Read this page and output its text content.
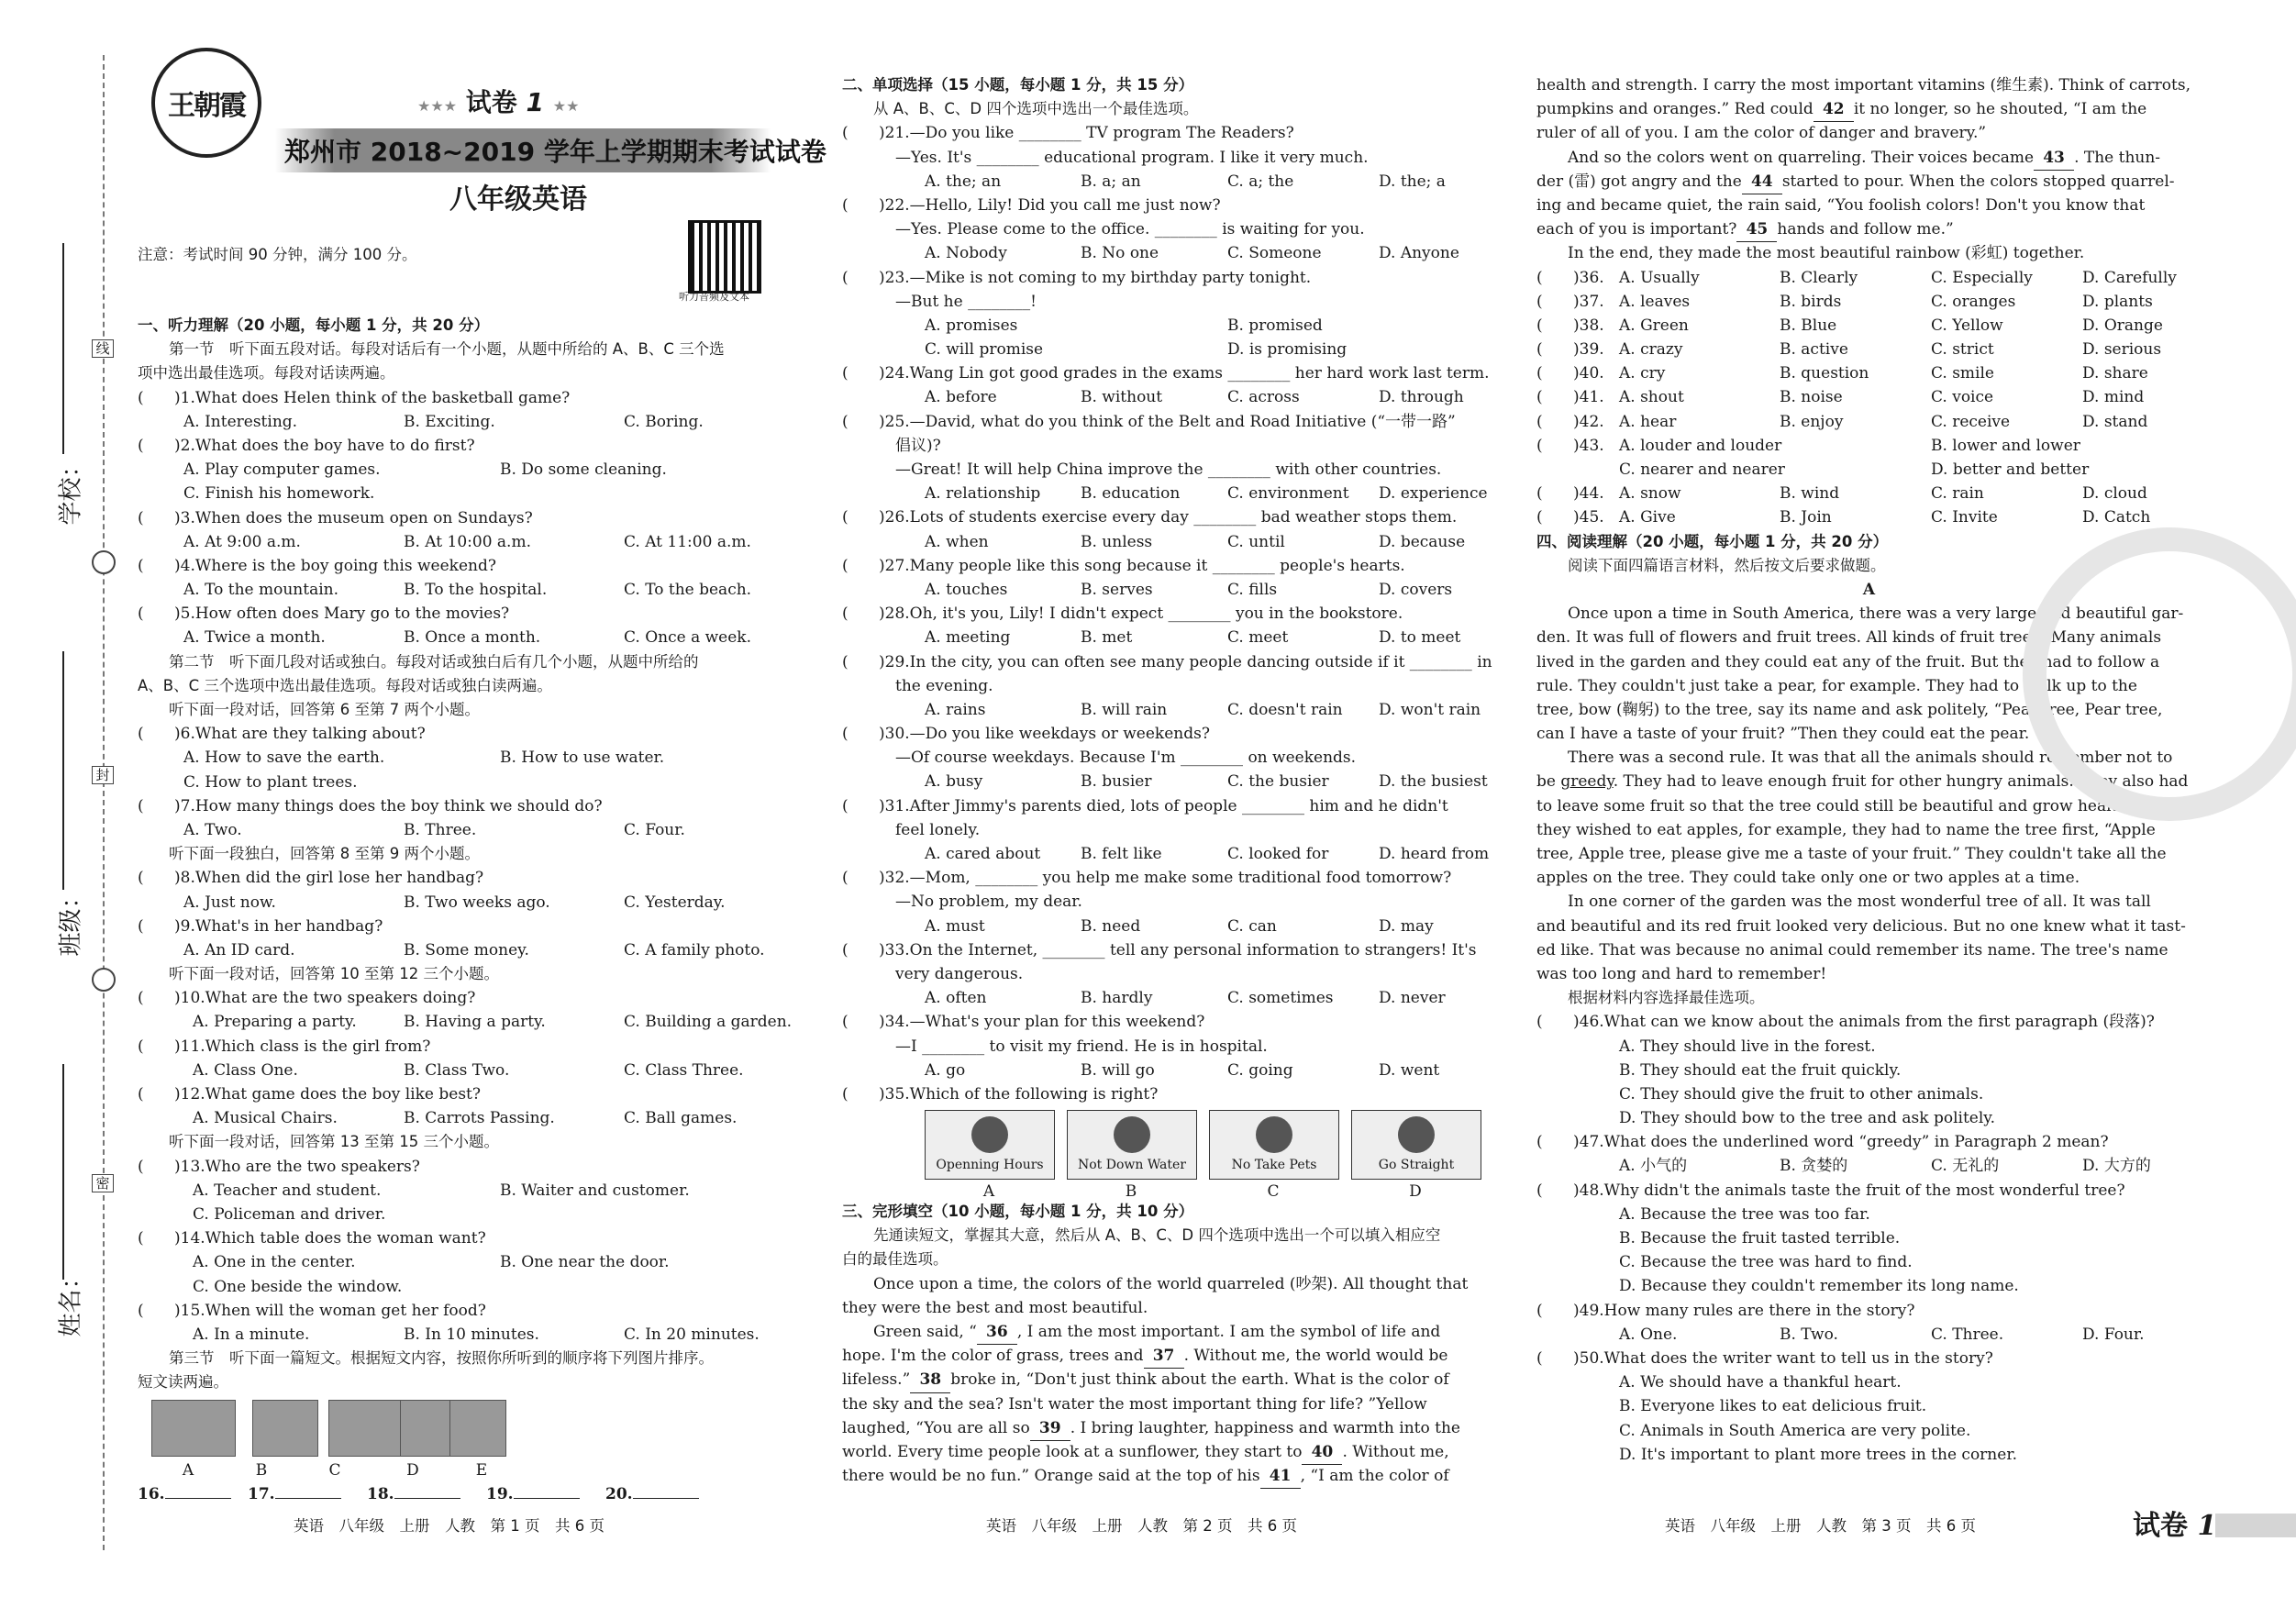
线
封
密
学校：
班级：
姓名：
王朝霞	★★★ 试卷 1 ★★
郑州市 2018~2019 学年上学期期末考试试卷
八年级英语
听力音频及文本
注意：考试时间 90 分钟，满分 100 分。
一、听力理解（20 小题，每小题 1 分，共 20 分）
第一节　听下面五段对话。每段对话后有一个小题，从题中所给的 A、B、C 三个选
项中选出最佳选项。每段对话读两遍。
( )1.What does Helen think of the basketball game?
A. Interesting.	B. Exciting.	C. Boring.
( )2.What does the boy have to do first?
A. Play computer games.	B. Do some cleaning.
C. Finish his homework.
( )3.When does the museum open on Sundays?
A. At 9:00 a.m.	B. At 10:00 a.m.	C. At 11:00 a.m.
( )4.Where is the boy going this weekend?
A. To the mountain.	B. To the hospital.	C. To the beach.
( )5.How often does Mary go to the movies?
A. Twice a month.	B. Once a month.	C. Once a week.
第二节　听下面几段对话或独白。每段对话或独白后有几个小题，从题中所给的
A、B、C 三个选项中选出最佳选项。每段对话或独白读两遍。
听下面一段对话，回答第 6 至第 7 两个小题。
( )6.What are they talking about?
A. How to save the earth.	B. How to use water.
C. How to plant trees.
( )7.How many things does the boy think we should do?
A. Two.	B. Three.	C. Four.
听下面一段独白，回答第 8 至第 9 两个小题。
( )8.When did the girl lose her handbag?
A. Just now.	B. Two weeks ago.	C. Yesterday.
( )9.What's in her handbag?
A. An ID card.	B. Some money.	C. A family photo.
听下面一段对话，回答第 10 至第 12 三个小题。
( )10.What are the two speakers doing?
A. Preparing a party.	B. Having a party.	C. Building a garden.
( )11.Which class is the girl from?
A. Class One.	B. Class Two.	C. Class Three.
( )12.What game does the boy like best?
A. Musical Chairs.	B. Carrots Passing.	C. Ball games.
听下面一段对话，回答第 13 至第 15 三个小题。
( )13.Who are the two speakers?
A. Teacher and student.	B. Waiter and customer.
C. Policeman and driver.
( )14.Which table does the woman want?
A. One in the center.	B. One near the door.
C. One beside the window.
( )15.When will the woman get her food?
A. In a minute.	B. In 10 minutes.	C. In 20 minutes.
第三节　听下面一篇短文。根据短文内容，按照你所听到的顺序将下列图片排序。
短文读两遍。
A	B	C	D	E
16.	17.	18.	19.	20.
二、单项选择（15 小题，每小题 1 分，共 15 分）
从 A、B、C、D 四个选项中选出一个最佳选项。
( )21.—Do you like ________ TV program The Readers?
—Yes. It's ________ educational program. I like it very much.
A. the; an	B. a; an	C. a; the	D. the; a
( )22.—Hello, Lily! Did you call me just now?
—Yes. Please come to the office. ________ is waiting for you.
A. Nobody	B. No one	C. Someone	D. Anyone
( )23.—Mike is not coming to my birthday party tonight.
—But he ________!
A. promises	B. promised
C. will promise	D. is promising
( )24.Wang Lin got good grades in the exams ________ her hard work last term.
A. before	B. without	C. across	D. through
( )25.—David, what do you think of the Belt and Road Initiative (“一带一路”
倡议)?
—Great! It will help China improve the ________ with other countries.
A. relationship	B. education	C. environment D. experience
( )26.Lots of students exercise every day ________ bad weather stops them.
A. when	B. unless	C. until	D. because
( )27.Many people like this song because it ________ people's hearts.
A. touches	B. serves	C. fills	D. covers
( )28.Oh, it's you, Lily! I didn't expect ________ you in the bookstore.
A. meeting	B. met	C. meet	D. to meet
( )29.In the city, you can often see many people dancing outside if it ________ in
the evening.
A. rains	B. will rain	C. doesn't rain D. won't rain
( )30.—Do you like weekdays or weekends?
—Of course weekdays. Because I'm ________ on weekends.
A. busy	B. busier	C. the busier	D. the busiest
( )31.After Jimmy's parents died, lots of people ________ him and he didn't
feel lonely.
A. cared about	B. felt like	C. looked for	D. heard from
( )32.—Mom, ________ you help me make some traditional food tomorrow?
—No problem, my dear.
A. must	B. need	C. can	D. may
( )33.On the Internet, ________ tell any personal information to strangers! It's
very dangerous.
A. often	B. hardly	C. sometimes	D. never
( )34.—What's your plan for this weekend?
—I ________ to visit my friend. He is in hospital.
A. go	B. will go	C. going	D. went
( )35.Which of the following is right?
Openning Hours
A
Not Down Water
B
No Take Pets
C
Go Straight
D
三、完形填空（10 小题，每小题 1 分，共 10 分）
先通读短文，掌握其大意，然后从 A、B、C、D 四个选项中选出一个可以填入相应空
白的最佳选项。
Once upon a time, the colors of the world quarreled (吵架). All thought that
they were the best and most beautiful.
Green said, “ 36 , I am the most important. I am the symbol of life and
hope. I'm the color of grass, trees and 37 . Without me, the world would be
lifeless.” 38 broke in, “Don't just think about the earth. What is the color of
the sky and the sea? Isn't water the most important thing for life? ”Yellow
laughed, “You are all so 39 . I bring laughter, happiness and warmth into the
world. Every time people look at a sunflower, they start to 40 . Without me,
there would be no fun.” Orange said at the top of his 41 , “I am the color of
health and strength. I carry the most important vitamins (维生素). Think of carrots,
pumpkins and oranges.” Red could 42 it no longer, so he shouted, “I am the
ruler of all of you. I am the color of danger and bravery.”
And so the colors went on quarreling. Their voices became 43 . The thun-
der (雷) got angry and the 44 started to pour. When the colors stopped quarrel-
ing and became quiet, the rain said, “You foolish colors! Don't you know that
each of you is important? 45 hands and follow me.”
In the end, they made the most beautiful rainbow (彩虹) together.
( )36. A. Usually	B. Clearly	C. Especially	D. Carefully
( )37. A. leaves	B. birds	C. oranges	D. plants
( )38. A. Green	B. Blue	C. Yellow	D. Orange
( )39. A. crazy	B. active	C. strict	D. serious
( )40. A. cry	B. question	C. smile	D. share
( )41. A. shout	B. noise	C. voice	D. mind
( )42. A. hear	B. enjoy	C. receive	D. stand
( )43. A. louder and louder	B. lower and lower
C. nearer and nearer	D. better and better
( )44. A. snow	B. wind	C. rain	D. cloud
( )45. A. Give	B. Join	C. Invite	D. Catch
四、阅读理解（20 小题，每小题 1 分，共 20 分）
阅读下面四篇语言材料，然后按文后要求做题。
A
Once upon a time in South America, there was a very large and beautiful gar-
den. It was full of flowers and fruit trees. All kinds of fruit trees! Many animals
lived in the garden and they could eat any of the fruit. But they had to follow a
rule. They couldn't just take a pear, for example. They had to walk up to the
tree, bow (鞠躬) to the tree, say its name and ask politely, “Pear tree, Pear tree,
can I have a taste of your fruit? ”Then they could eat the pear.
There was a second rule. It was that all the animals should remember not to
be greedy. They had to leave enough fruit for other hungry animals. They also had
to leave some fruit so that the tree could still be beautiful and grow healthily. If
they wished to eat apples, for example, they had to name the tree first, “Apple
tree, Apple tree, please give me a taste of your fruit.” They couldn't take all the
apples on the tree. They could take only one or two apples at a time.
In one corner of the garden was the most wonderful tree of all. It was tall
and beautiful and its red fruit looked very delicious. But no one knew what it tast-
ed like. That was because no animal could remember its name. The tree's name
was too long and hard to remember!
根据材料内容选择最佳选项。
( )46.What can we know about the animals from the first paragraph (段落)?
A. They should live in the forest.
B. They should eat the fruit quickly.
C. They should give the fruit to other animals.
D. They should bow to the tree and ask politely.
( )47.What does the underlined word “greedy” in Paragraph 2 mean?
A. 小气的	B. 贪婪的	C. 无礼的	D. 大方的
( )48.Why didn't the animals taste the fruit of the most wonderful tree?
A. Because the tree was too far.
B. Because the fruit tasted terrible.
C. Because the tree was hard to find.
D. Because they couldn't remember its long name.
( )49.How many rules are there in the story?
A. One.	B. Two.	C. Three.	D. Four.
( )50.What does the writer want to tell us in the story?
A. We should have a thankful heart.
B. Everyone likes to eat delicious fruit.
C. Animals in South America are very polite.
D. It's important to plant more trees in the corner.
英语　八年级　上册　人教　第 1 页　共 6 页	英语　八年级　上册　人教　第 2 页　共 6 页	英语　八年级　上册　人教　第 3 页　共 6 页	试卷 1
